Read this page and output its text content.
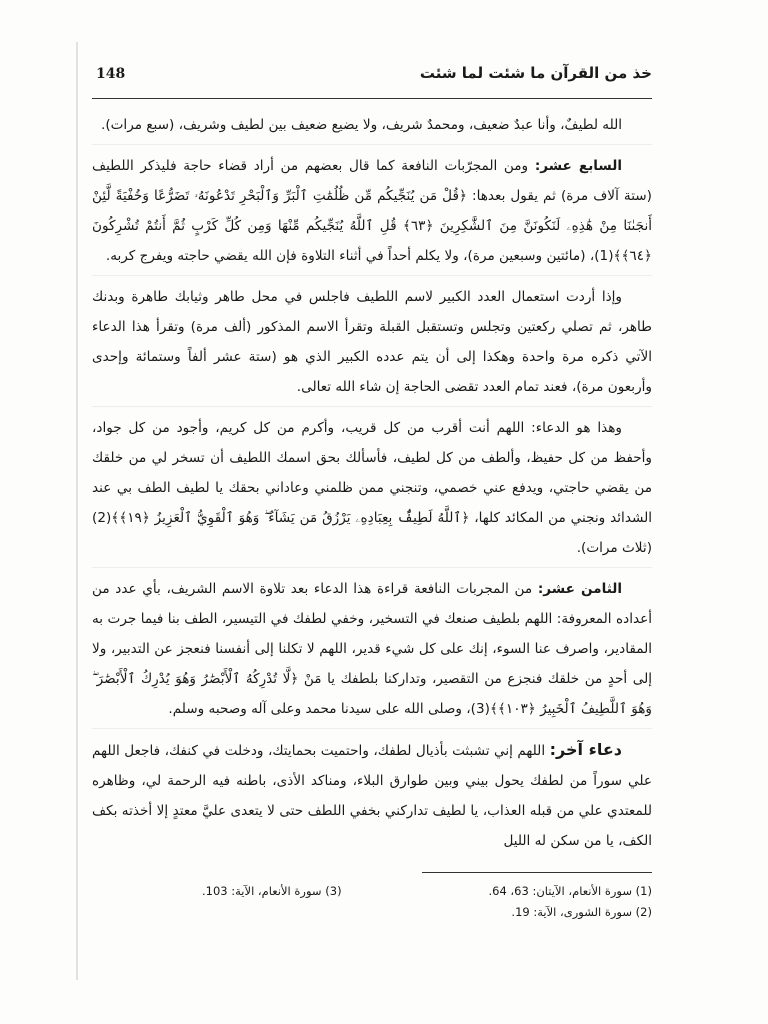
148	خذ من القرآن ما شئت لما شئت

الله لطيفٌ، وأنا عبدٌ ضعيف، ومحمدٌ شريف، ولا يضيع ضعيف بين لطيف وشريف، (سبع مرات).

السابع عشر: ومن المجرّبات النافعة كما قال بعضهم من أراد قضاء حاجة فليذكر اللطيف (ستة آلاف مرة) ثم يقول بعدها: ﴿قُلْ مَن يُنَجِّيكُم مِّن ظُلُمَٰتِ ٱلْبَرِّ وَٱلْبَحْرِ تَدْعُونَهُۥ تَضَرُّعًا وَخُفْيَةً لَّئِنْ أَنجَىٰنَا مِنْ هَٰذِهِۦ لَنَكُونَنَّ مِنَ ٱلشَّٰكِرِينَ ﴿٦٣﴾ قُلِ ٱللَّهُ يُنَجِّيكُم مِّنْهَا وَمِن كُلِّ كَرْبٍ ثُمَّ أَنتُمْ تُشْرِكُونَ ﴿٦٤﴾﴾(1)، (مائتين وسبعين مرة)، ولا يكلم أحداً في أثناء التلاوة فإن الله يقضي حاجته ويفرج كربه.

وإذا أردت استعمال العدد الكبير لاسم اللطيف فاجلس في محل طاهر وثيابك طاهرة وبدنك طاهر، ثم تصلي ركعتين وتجلس وتستقبل القبلة وتقرأ الاسم المذكور (ألف مرة) وتقرأ هذا الدعاء الآتي ذكره مرة واحدة وهكذا إلى أن يتم عدده الكبير الذي هو (ستة عشر ألفاً وستمائة وإحدى وأربعون مرة)، فعند تمام العدد تقضى الحاجة إن شاء الله تعالى.

وهذا هو الدعاء: اللهم أنت أقرب من كل قريب، وأكرم من كل كريم، وأجود من كل جواد، وأحفظ من كل حفيظ، وألطف من كل لطيف، فأسألك بحق اسمك اللطيف أن تسخر لي من خلقك من يقضي حاجتي، ويدفع عني خصمي، وتنجني ممن ظلمني وعاداني بحقك يا لطيف الطف بي عند الشدائد ونجني من المكائد كلها، ﴿ٱللَّهُ لَطِيفٌۢ بِعِبَادِهِۦ يَرْزُقُ مَن يَشَآءُ ۖ وَهُوَ ٱلْقَوِيُّ ٱلْعَزِيزُ ﴿١٩﴾﴾(2) (ثلاث مرات).

الثامن عشر: من المجربات النافعة قراءة هذا الدعاء بعد تلاوة الاسم الشريف، بأي عدد من أعداده المعروفة: اللهم بلطيف صنعك في التسخير، وخفي لطفك في التيسير، الطف بنا فيما جرت به المقادير، واصرف عنا السوء، إنك على كل شيء قدير، اللهم لا تكلنا إلى أنفسنا فنعجز عن التدبير، ولا إلى أحدٍ من خلقك فنجزع من التقصير، وتداركنا بلطفك يا مَنْ ﴿لَّا تُدْرِكُهُ ٱلْأَبْصَٰرُ وَهُوَ يُدْرِكُ ٱلْأَبْصَٰرَ ۖ وَهُوَ ٱللَّطِيفُ ٱلْخَبِيرُ ﴿١٠٣﴾﴾(3)، وصلى الله على سيدنا محمد وعلى آله وصحبه وسلم.

دعاء آخر: اللهم إني تشبثت بأذيال لطفك، واحتميت بحمايتك، ودخلت في كنفك، فاجعل اللهم علي سوراً من لطفك يحول بيني وبين طوارق البلاء، ومناكد الأذى، باطنه فيه الرحمة لي، وظاهره للمعتدي علي من قبله العذاب، يا لطيف تداركني بخفي اللطف حتى لا يتعدى عليَّ معتدٍ إلا أخذته بكف الكف، يا من سكن له الليل

(1) سورة الأنعام، الآيتان: 63، 64.
(2) سورة الشورى، الآية: 19.
(3) سورة الأنعام، الآية: 103.
